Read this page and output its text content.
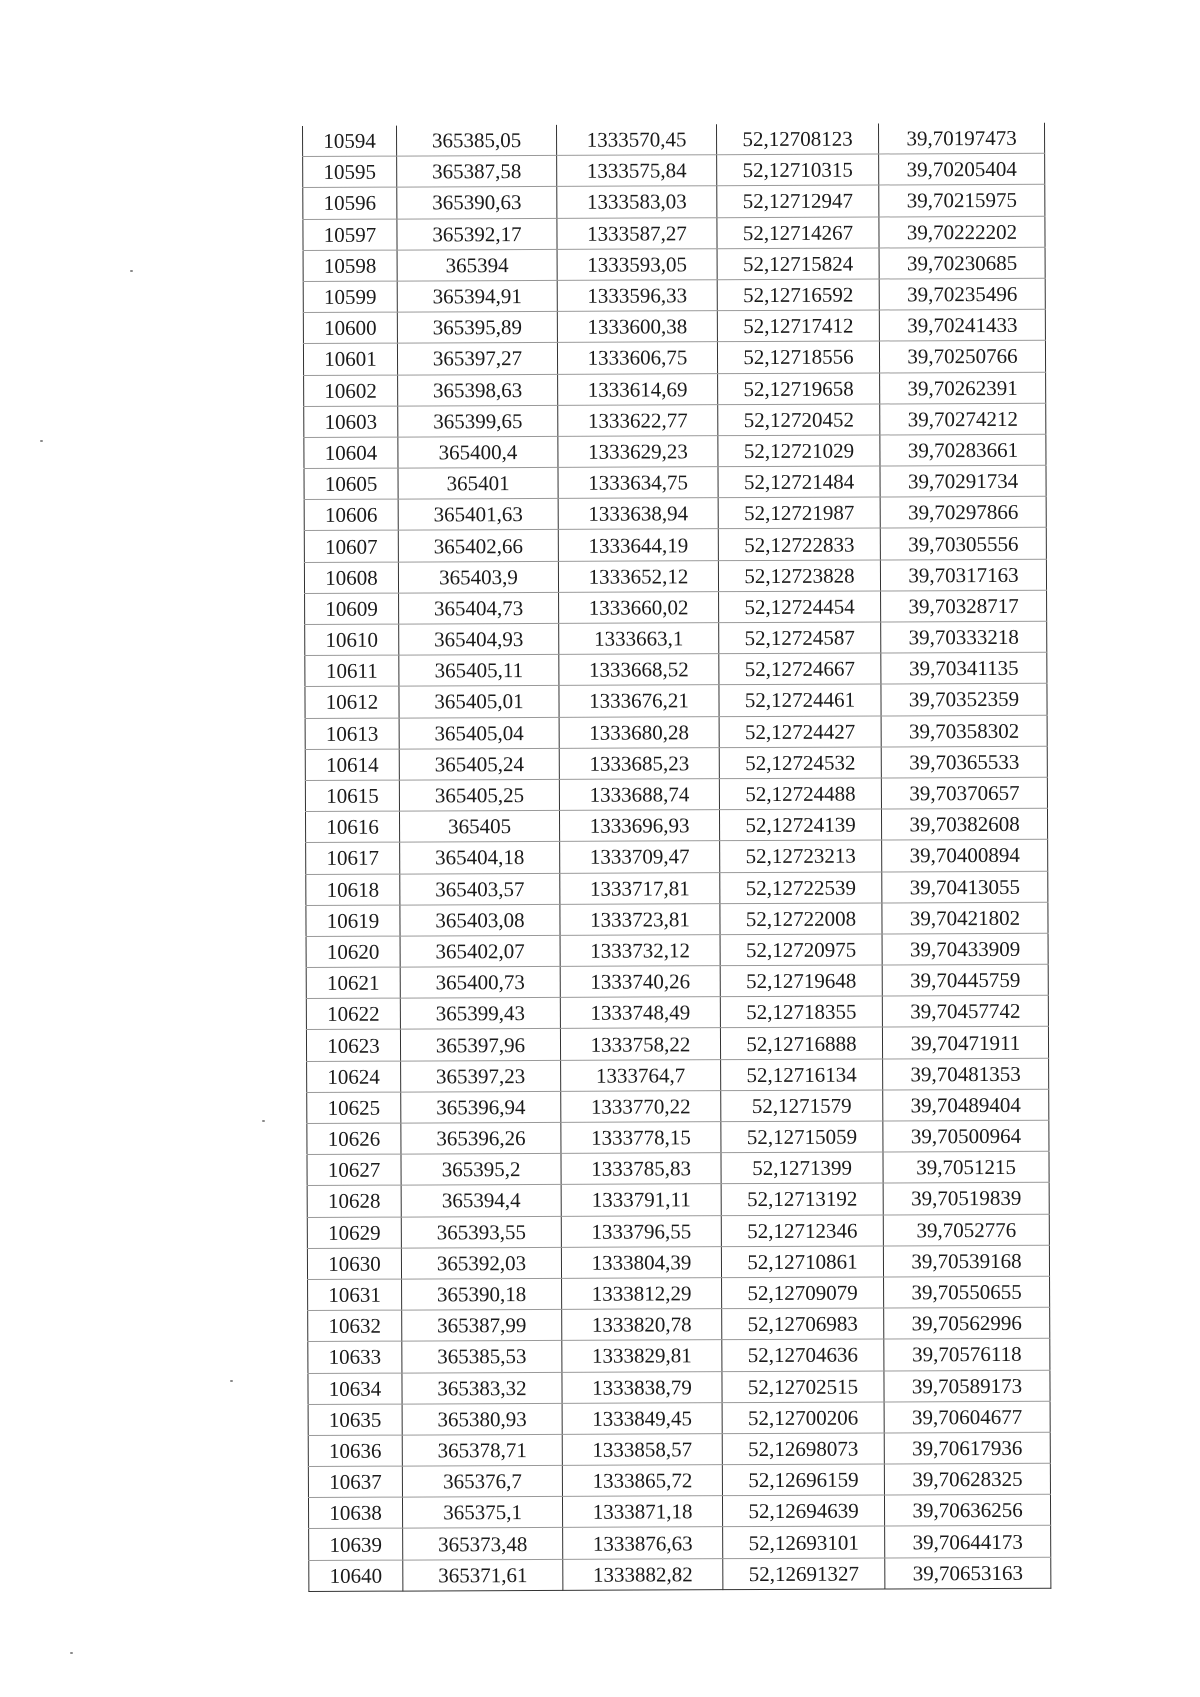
10594	365385,05	1333570,45	52,12708123	39,70197473
10595	365387,58	1333575,84	52,12710315	39,70205404
10596	365390,63	1333583,03	52,12712947	39,70215975
10597	365392,17	1333587,27	52,12714267	39,70222202
10598	365394	1333593,05	52,12715824	39,70230685
10599	365394,91	1333596,33	52,12716592	39,70235496
10600	365395,89	1333600,38	52,12717412	39,70241433
10601	365397,27	1333606,75	52,12718556	39,70250766
10602	365398,63	1333614,69	52,12719658	39,70262391
10603	365399,65	1333622,77	52,12720452	39,70274212
10604	365400,4	1333629,23	52,12721029	39,70283661
10605	365401	1333634,75	52,12721484	39,70291734
10606	365401,63	1333638,94	52,12721987	39,70297866
10607	365402,66	1333644,19	52,12722833	39,70305556
10608	365403,9	1333652,12	52,12723828	39,70317163
10609	365404,73	1333660,02	52,12724454	39,70328717
10610	365404,93	1333663,1	52,12724587	39,70333218
10611	365405,11	1333668,52	52,12724667	39,70341135
10612	365405,01	1333676,21	52,12724461	39,70352359
10613	365405,04	1333680,28	52,12724427	39,70358302
10614	365405,24	1333685,23	52,12724532	39,70365533
10615	365405,25	1333688,74	52,12724488	39,70370657
10616	365405	1333696,93	52,12724139	39,70382608
10617	365404,18	1333709,47	52,12723213	39,70400894
10618	365403,57	1333717,81	52,12722539	39,70413055
10619	365403,08	1333723,81	52,12722008	39,70421802
10620	365402,07	1333732,12	52,12720975	39,70433909
10621	365400,73	1333740,26	52,12719648	39,70445759
10622	365399,43	1333748,49	52,12718355	39,70457742
10623	365397,96	1333758,22	52,12716888	39,70471911
10624	365397,23	1333764,7	52,12716134	39,70481353
10625	365396,94	1333770,22	52,1271579	39,70489404
10626	365396,26	1333778,15	52,12715059	39,70500964
10627	365395,2	1333785,83	52,1271399	39,7051215
10628	365394,4	1333791,11	52,12713192	39,70519839
10629	365393,55	1333796,55	52,12712346	39,7052776
10630	365392,03	1333804,39	52,12710861	39,70539168
10631	365390,18	1333812,29	52,12709079	39,70550655
10632	365387,99	1333820,78	52,12706983	39,70562996
10633	365385,53	1333829,81	52,12704636	39,70576118
10634	365383,32	1333838,79	52,12702515	39,70589173
10635	365380,93	1333849,45	52,12700206	39,70604677
10636	365378,71	1333858,57	52,12698073	39,70617936
10637	365376,7	1333865,72	52,12696159	39,70628325
10638	365375,1	1333871,18	52,12694639	39,70636256
10639	365373,48	1333876,63	52,12693101	39,70644173
10640	365371,61	1333882,82	52,12691327	39,70653163
